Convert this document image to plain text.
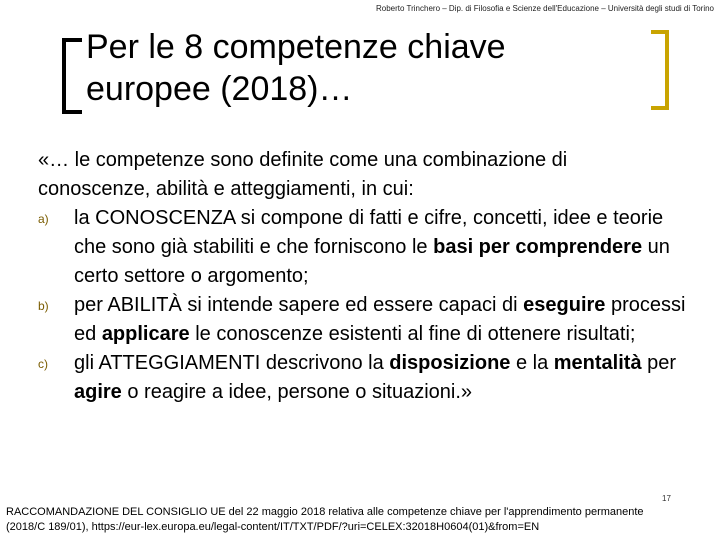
Roberto Trinchero – Dip. di Filosofia e Scienze dell'Educazione – Università degli studi di Torino
Per le 8 competenze chiave
europee (2018)…

«… le competenze sono definite come una combinazione di
conoscenze, abilità e atteggiamenti, in cui:

a) la CONOSCENZA si compone di fatti e cifre, concetti, idee e teorie che sono già stabiliti e che forniscono le basi per comprendere un certo settore o argomento;

b) per ABILITÀ si intende sapere ed essere capaci di eseguire processi ed applicare le conoscenze esistenti al fine di ottenere risultati;

c) gli ATTEGGIAMENTI descrivono la disposizione e la mentalità per agire o reagire a idee, persone o situazioni.»

17
RACCOMANDAZIONE DEL CONSIGLIO UE del 22 maggio 2018 relativa alle competenze chiave per l'apprendimento permanente
(2018/C 189/01), https://eur-lex.europa.eu/legal-content/IT/TXT/PDF/?uri=CELEX:32018H0604(01)&from=EN
